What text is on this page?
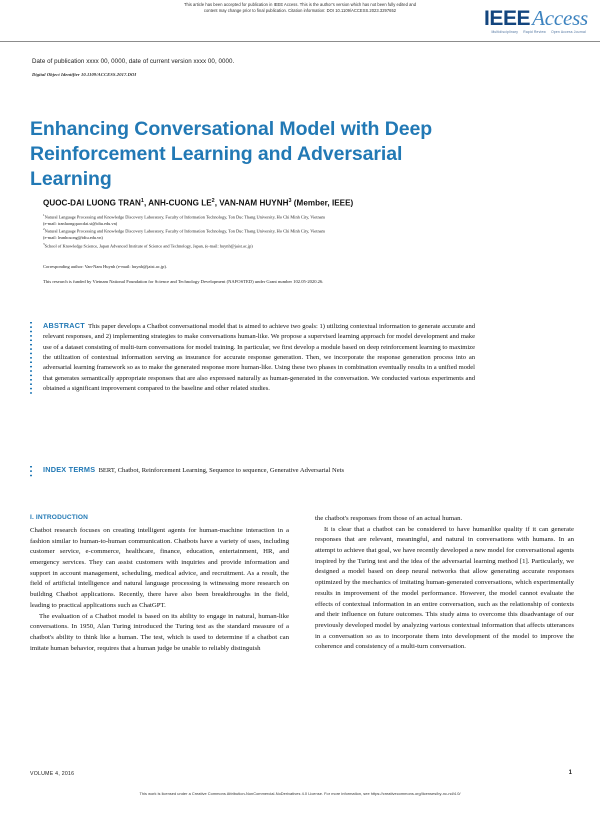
This article has been accepted for publication in IEEE Access. This is the author's version which has not been fully edited and
content may change prior to final publication. Citation information: DOI 10.1109/ACCESS.2023.3297652	IEEEAccess
Multidisciplinary Rapid Review Open Access Journal
Date of publication xxxx 00, 0000, date of current version xxxx 00, 0000.
Digital Object Identifier 10.1109/ACCESS.2017.DOI
Enhancing Conversational Model with Deep Reinforcement Learning and Adversarial Learning
QUOC-DAI LUONG TRAN$^1$, ANH-CUONG $LE^2$, VAN-NAM HUYNH$^3$ (Member, IEEE)
$^1$Natural Language Processing and Knowledge Discovery Laboratory, Faculty of Information Technology, Ton Duc Thang University, Ho Chi Minh City, Vietnam
(e-mail: tranluongquocdai.st@tdtu.edu.vn)
$^2$Natural Language Processing and Knowledge Discovery Laboratory, Faculty of Information Technology, Ton Duc Thang University, Ho Chi Minh City, Vietnam
(e-mail: leanhcuong@tdtu.edu.vn)
$^3$School of Knowledge Science, Japan Advanced Institute of Science and Technology, Japan, (e-mail: huynh@jaist.ac.jp)
Corresponding author: Van-Nam Huynh (e-mail: huynh@jaist.ac.jp).
This research is funded by Vietnam National Foundation for Science and Technology Development (NAFOSTED) under Grant number 102.05-2020.26.
ABSTRACT This paper develops a Chatbot conversational model that is aimed to achieve two goals: 1) utilizing contextual information to generate accurate and relevant responses, and 2) implementing strategies to make conversations human-like. We propose a supervised learning approach for model development and make use of a dataset consisting of multi-turn conversations for model training. In particular, we first develop a module based on deep reinforcement learning to maximize the utilization of contextual information serving as insurance for accurate response generation. Then, we incorporate the response generation process into an adversarial learning framework so as to make the generated response more human-like. Using these two phases in combination eventually results in a unified model that generates semantically appropriate responses that are also expressed naturally as human-generated in the conversation. We conducted various experiments and obtained a significant improvement compared to the baseline and other related studies.
INDEX TERMS BERT, Chatbot, Reinforcement Learning, Sequence to sequence, Generative Adversarial Nets
I. INTRODUCTION

Chatbot research focuses on creating intelligent agents for human-machine interaction in a fashion similar to human-to-human communication. Chatbots have a variety of uses, including customer service, e-commerce, healthcare, finance, education, entertainment, HR, and emergency services. They can assist customers with inquiries and provide information and support in account management, scheduling, medical advice, and recruitment. As a result, the field of artificial intelligence and natural language processing is witnessing more research on building Chatbot applications. Recently, there have also been breakthroughs in the field, leading to practical applications such as ChatGPT.

The evaluation of a Chatbot model is based on its ability to engage in natural, human-like conversations. In 1950, Alan Turing introduced the Turing test as the standard measure of a chatbot's ability to think like a human. The test, which is used to determine if a chatbot can imitate human behavior, requires that a human judge be unable to reliably distinguish

the chatbot's responses from those of an actual human.

It is clear that a chatbot can be considered to have humanlike quality if it can generate responses that are relevant, meaningful, and natural in conversations with humans. In an attempt to achieve that goal, we have recently developed a new model for conversational agents inspired by the Turing test and the idea of the adversarial learning method [1]. Particularly, we designed a model based on deep neural networks that allow generating accurate responses optimized by the mechanics of imitating human-generated conversations, which experimentally results in improvement of the model performance. However, the model cannot evaluate the effects of contextual information in an entire conversation, such as the relationship of contexts and their influence on future outcomes. This study aims to overcome this disadvantage of our previously developed model by analyzing various contextual information that affects utterances in a conversation so as to incorporate them into development of the model to improve the coherence and consistency of a multi-turn conversation.

VOLUME 4, 2016	1
This work is licensed under a Creative Commons Attribution-NonCommercial-NoDerivatives 4.0 License. For more information, see https://creativecommons.org/licenses/by-nc-nd/4.0/
